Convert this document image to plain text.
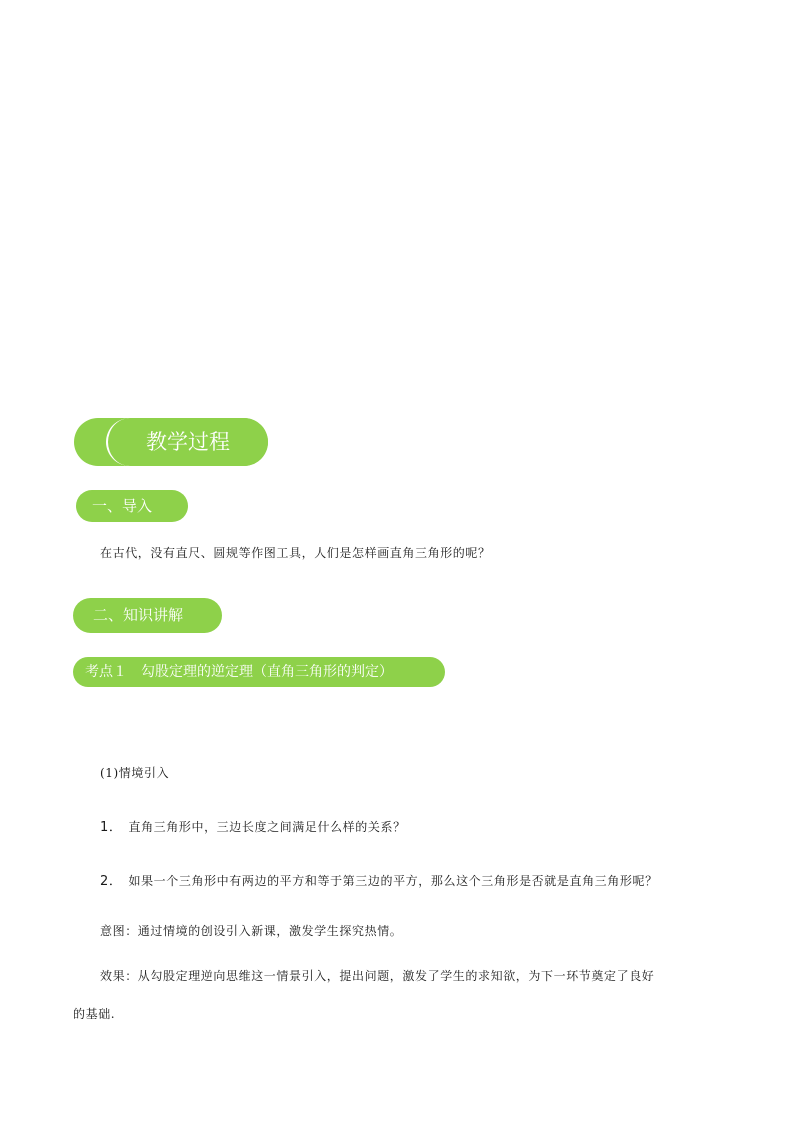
教学过程
一、导入
在古代，没有直尺、圆规等作图工具，人们是怎样画直角三角形的呢？
二、知识讲解
考点１ 勾股定理的逆定理（直角三角形的判定）
(1)情境引入
1． 直角三角形中，三边长度之间满足什么样的关系？
2． 如果一个三角形中有两边的平方和等于第三边的平方，那么这个三角形是否就是直角三角形呢？
意图：通过情境的创设引入新课，激发学生探究热情。
效果：从勾股定理逆向思维这一情景引入，提出问题，激发了学生的求知欲，为下一环节奠定了良好
的基础.
